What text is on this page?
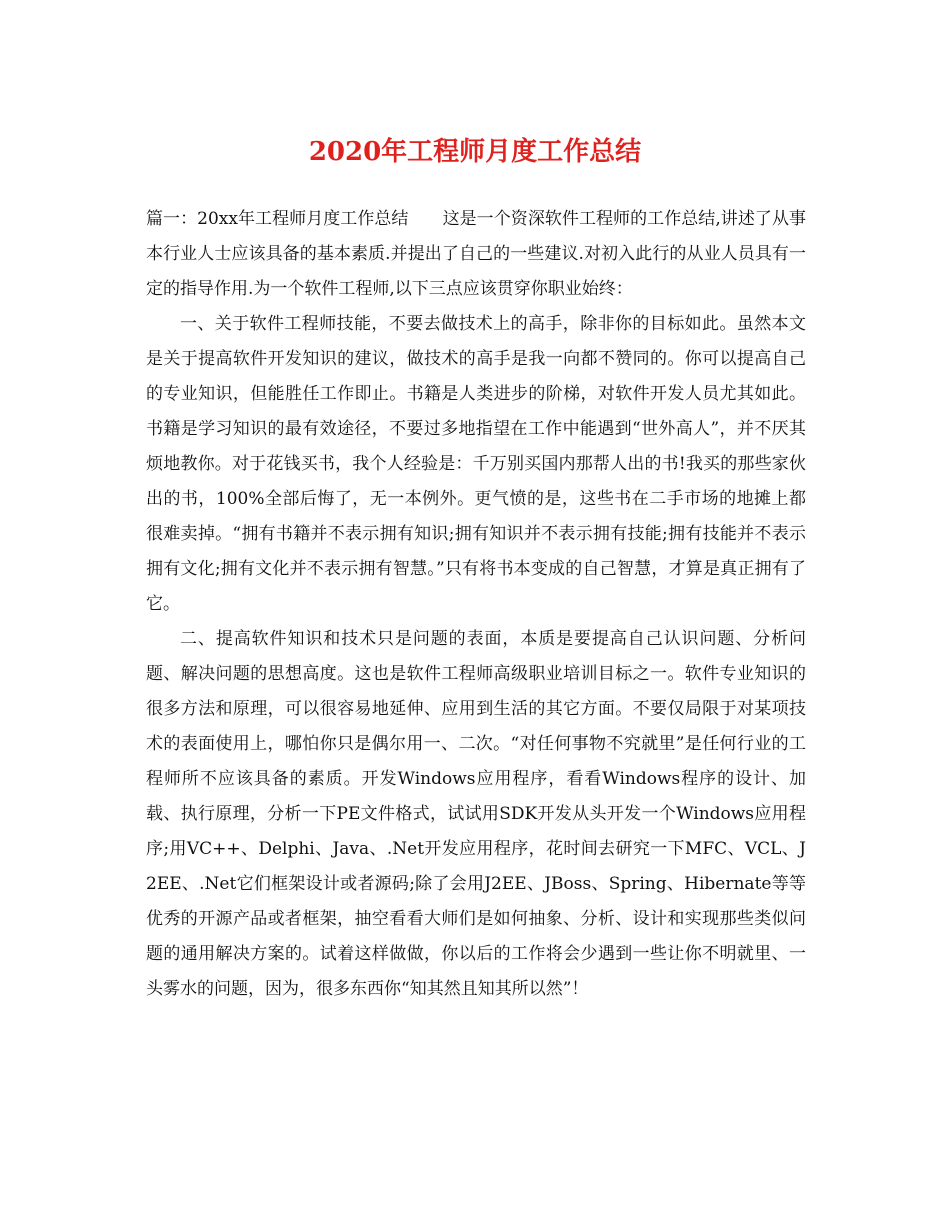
2020年工程师月度工作总结

篇一：20xx年工程师月度工作总结　　这是一个资深软件工程师的工作总结,讲述了从事本行业人士应该具备的基本素质.并提出了自己的一些建议.对初入此行的从业人员具有一定的指导作用.为一个软件工程师,以下三点应该贯穿你职业始终：

一、关于软件工程师技能，不要去做技术上的高手，除非你的目标如此。虽然本文是关于提高软件开发知识的建议，做技术的高手是我一向都不赞同的。你可以提高自己的专业知识，但能胜任工作即止。书籍是人类进步的阶梯，对软件开发人员尤其如此。书籍是学习知识的最有效途径，不要过多地指望在工作中能遇到“世外高人”，并不厌其烦地教你。对于花钱买书，我个人经验是：千万别买国内那帮人出的书!我买的那些家伙出的书，100%全部后悔了，无一本例外。更气愤的是，这些书在二手市场的地摊上都很难卖掉。“拥有书籍并不表示拥有知识;拥有知识并不表示拥有技能;拥有技能并不表示拥有文化;拥有文化并不表示拥有智慧。”只有将书本变成的自己智慧，才算是真正拥有了它。

二、提高软件知识和技术只是问题的表面，本质是要提高自己认识问题、分析问题、解决问题的思想高度。这也是软件工程师高级职业培训目标之一。软件专业知识的很多方法和原理，可以很容易地延伸、应用到生活的其它方面。不要仅局限于对某项技术的表面使用上，哪怕你只是偶尔用一、二次。“对任何事物不究就里”是任何行业的工程师所不应该具备的素质。开发Windows应用程序，看看Windows程序的设计、加载、执行原理，分析一下PE文件格式，试试用SDK开发从头开发一个Windows应用程序;用VC++、Delphi、Java、.Net开发应用程序，花时间去研究一下MFC、VCL、J2EE、.Net它们框架设计或者源码;除了会用J2EE、JBoss、Spring、Hibernate等等优秀的开源产品或者框架，抽空看看大师们是如何抽象、分析、设计和实现那些类似问题的通用解决方案的。试着这样做做，你以后的工作将会少遇到一些让你不明就里、一头雾水的问题，因为，很多东西你“知其然且知其所以然”！
